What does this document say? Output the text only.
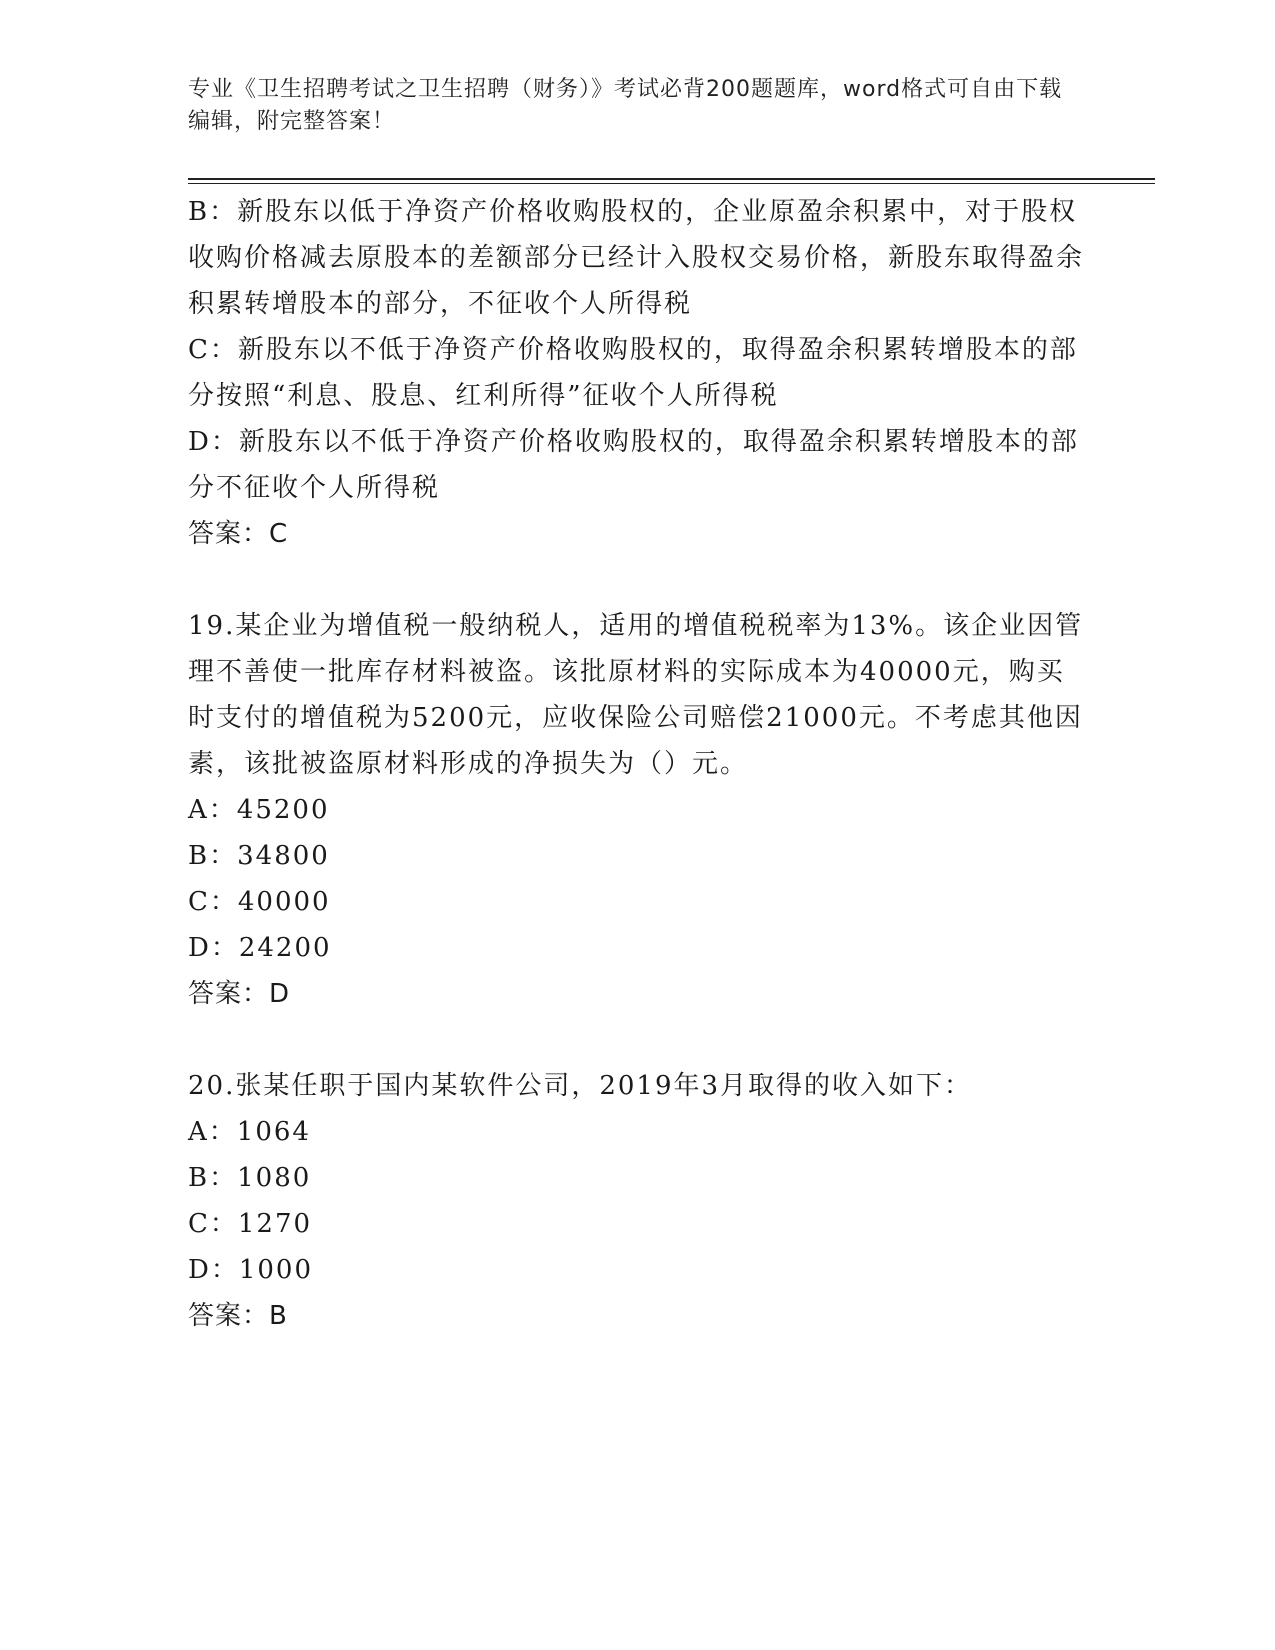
专业《卫生招聘考试之卫生招聘（财务）》考试必背200题题库，word格式可自由下载编辑，附完整答案！

B：新股东以低于净资产价格收购股权的，企业原盈余积累中，对于股权收购价格减去原股本的差额部分已经计入股权交易价格，新股东取得盈余积累转增股本的部分，不征收个人所得税

C：新股东以不低于净资产价格收购股权的，取得盈余积累转增股本的部分按照“利息、股息、红利所得”征收个人所得税

D：新股东以不低于净资产价格收购股权的，取得盈余积累转增股本的部分不征收个人所得税

答案：C

19.某企业为增值税一般纳税人，适用的增值税税率为13%。该企业因管理不善使一批库存材料被盗。该批原材料的实际成本为40000元，购买时支付的增值税为5200元，应收保险公司赔偿21000元。不考虑其他因素，该批被盗原材料形成的净损失为（）元。

A：45200

B：34800

C：40000

D：24200

答案：D

20.张某任职于国内某软件公司，2019年3月取得的收入如下：

A：1064

B：1080

C：1270

D：1000

答案：B
